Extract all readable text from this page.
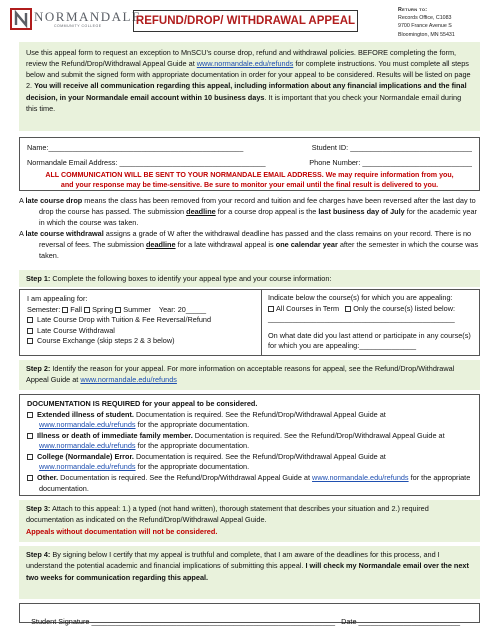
NORMANDALE
COMMUNITY COLLEGE	REFUND/DROP/ WITHDRAWAL APPEAL
Return to:
Records Office, C1083
9700 France Avenue S
Bloomington, MN 55431

Use this appeal form to request an exception to MnSCU's course drop, refund and withdrawal policies. BEFORE completing the form, review the Refund/Drop/Withdrawal Appeal Guide at www.normandale.edu/refunds for complete instructions. You must complete all steps below and submit the signed form with appropriate documentation in order for your appeal to be considered. Results will be listed on page 2. You will receive all communication regarding this appeal, including information about any financial implications and the final decision, in your Normandale email account within 10 business days. It is important that you check your Normandale email during this time.

Name: ________________________________________________	Student ID: ______________________________
Normandale Email Address: ____________________________________	Phone Number: ___________________________
ALL COMMUNICATION WILL BE SENT TO YOUR NORMANDALE EMAIL ADDRESS. We may require information from you,
and your response may be time-sensitive. Be sure to monitor your email until the final result is delivered to you.

A late course drop means the class has been removed from your record and tuition and fee charges have been reversed after the last day to drop the course has passed. The submission deadline for a course drop appeal is the last business day of July for the academic year in which the course was taken.

A late course withdrawal assigns a grade of W after the withdrawal deadline has passed and the class remains on your record. There is no reversal of fees. The submission deadline for a late withdrawal appeal is one calendar year after the semester in which the course was taken.

Step 1: Complete the following boxes to identify your appeal type and your course information:
I am appealing for:
Semester: Fall Spring Summer Year: 20_____
Late Course Drop with Tuition & Fee Reversal/Refund
Late Course Withdrawal
Course Exchange (skip steps 2 & 3 below)
Indicate below the course(s) for which you are appealing:
All Courses in Term Only the course(s) listed below:
______________________________________________
On what date did you last attend or participate in any course(s) for which you are appealing:______________
Step 2: Identify the reason for your appeal. For more information on acceptable reasons for appeal, see the Refund/Drop/Withdrawal Appeal Guide at www.normandale.edu/refunds
DOCUMENTATION IS REQUIRED for your appeal to be considered.
Extended illness of student. Documentation is required. See the Refund/Drop/Withdrawal Appeal Guide at www.normandale.edu/refunds for the appropriate documentation.
Illness or death of immediate family member. Documentation is required. See the Refund/Drop/Withdrawal Appeal Guide at www.normandale.edu/refunds for the appropriate documentation.
College (Normandale) Error. Documentation is required. See the Refund/Drop/Withdrawal Appeal Guide at www.normandale.edu/refunds for the appropriate documentation.
Other. Documentation is required. See the Refund/Drop/Withdrawal Appeal Guide at www.normandale.edu/refunds for the appropriate documentation.
Step 3: Attach to this appeal: 1.) a typed (not hand written), thorough statement that describes your situation and 2.) required documentation as indicated on the Refund/Drop/Withdrawal Appeal Guide.
Appeals without documentation will not be considered.
Step 4: By signing below I certify that my appeal is truthful and complete, that I am aware of the deadlines for this process, and I understand the potential academic and financial implications of submitting this appeal. I will check my Normandale email over the next two weeks for communication regarding this appeal.

Student Signature ____________________________________________________________ Date _________________________
